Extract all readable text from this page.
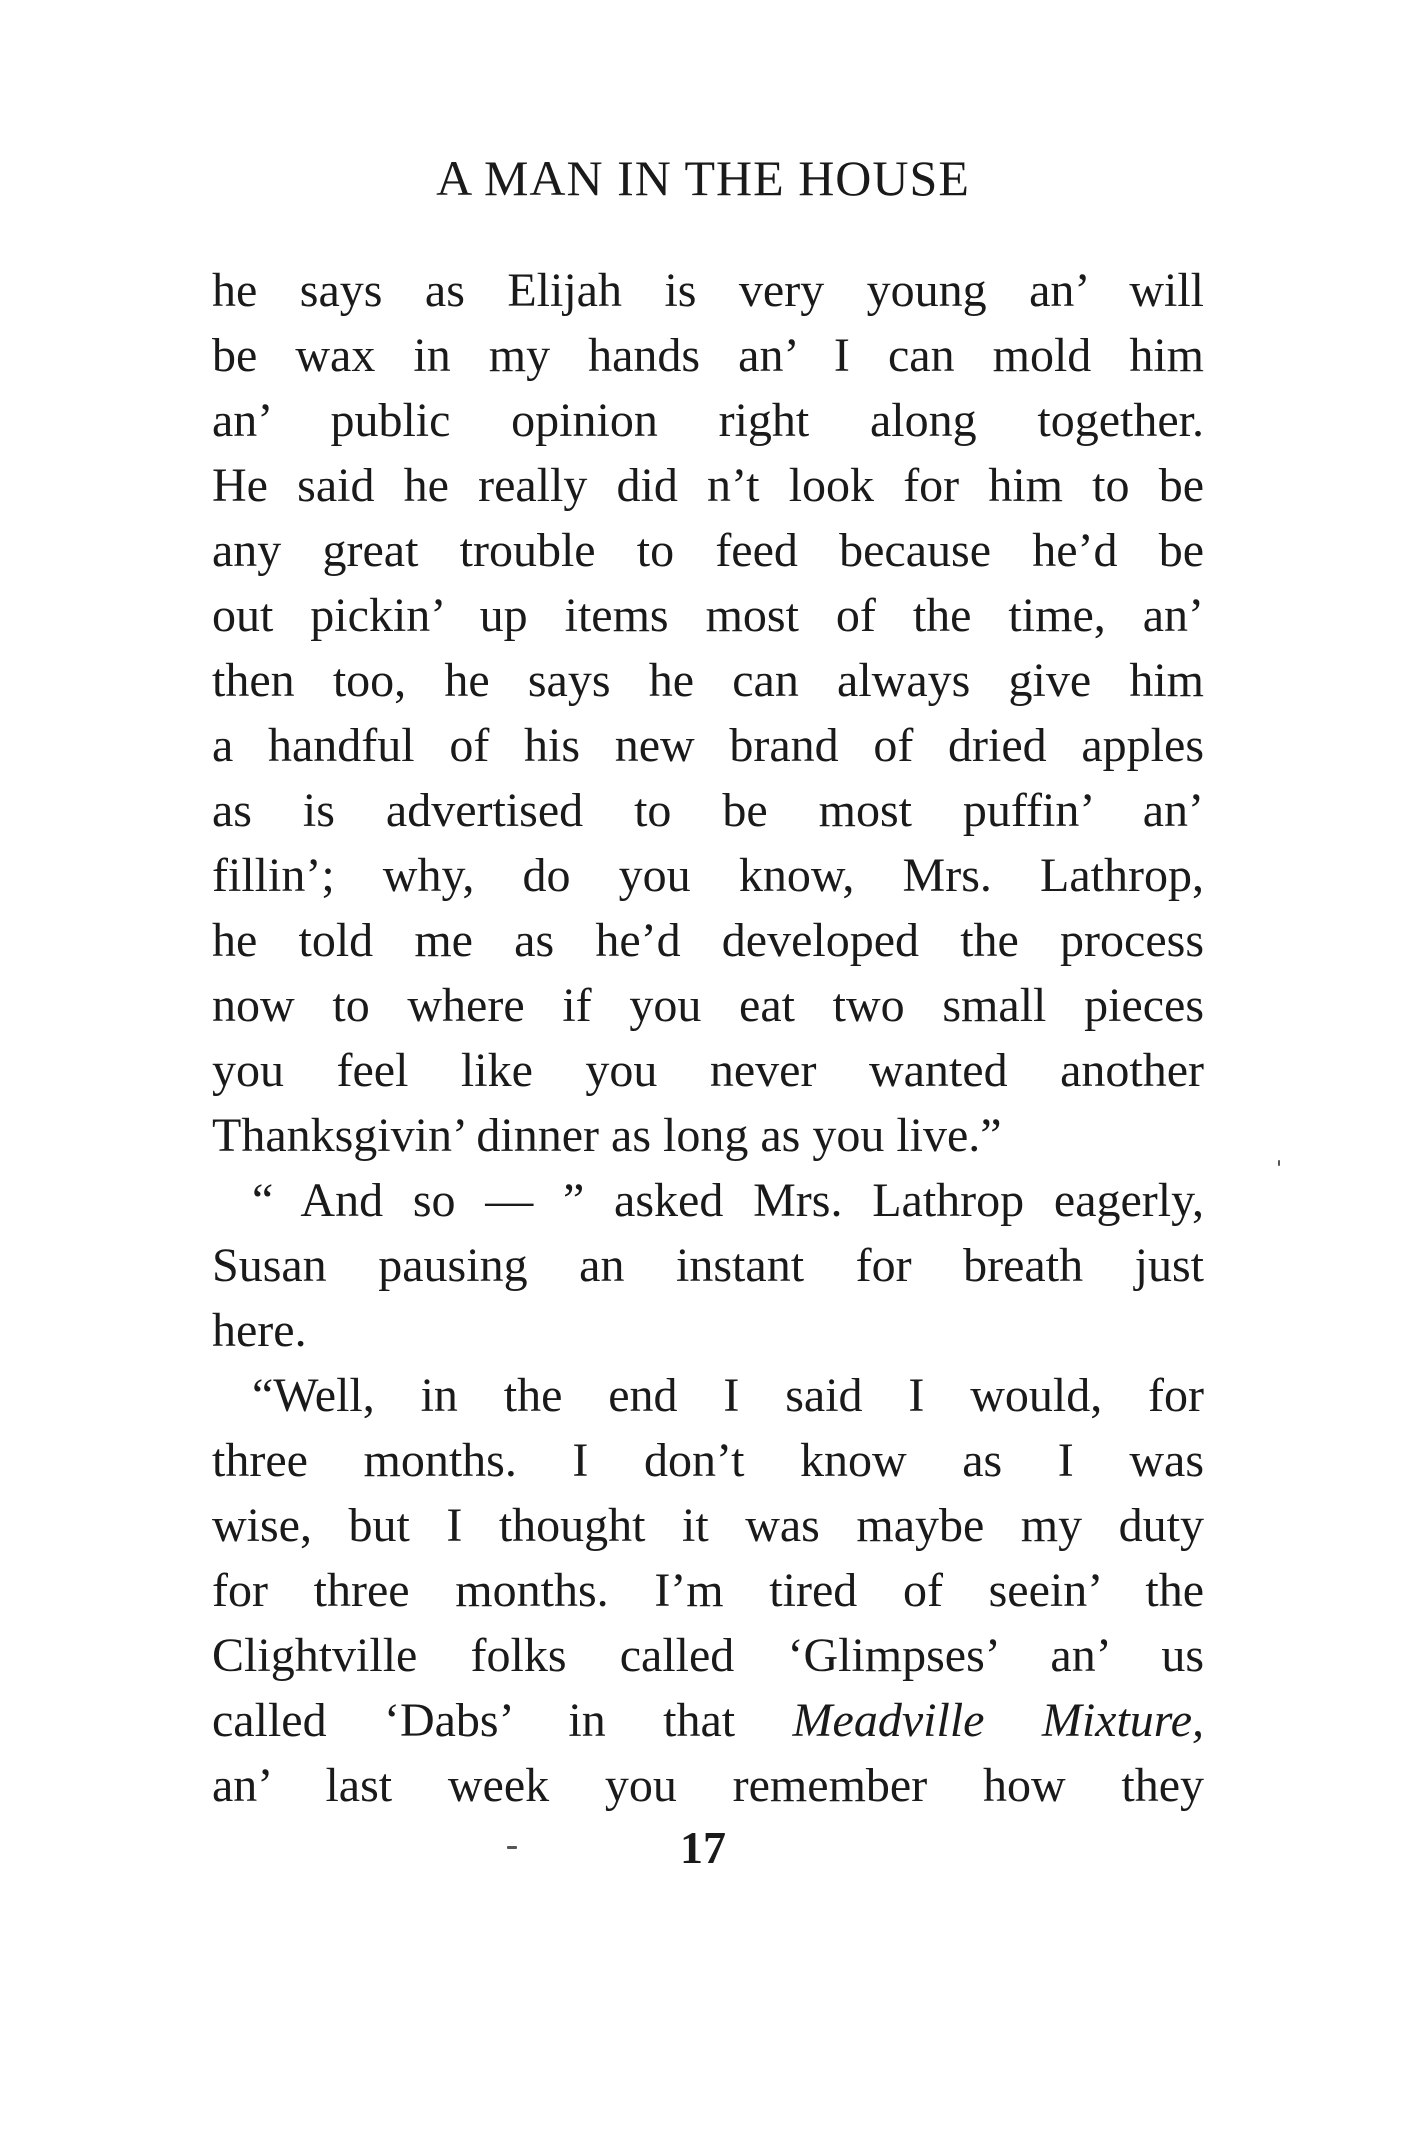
A MAN IN THE HOUSE
he says as Elijah is very young an’ will
be wax in my hands an’ I can mold him
an’ public opinion right along together.
He said he really did n’t look for him to be
any great trouble to feed because he’d be
out pickin’ up items most of the time, an’
then too, he says he can always give him
a handful of his new brand of dried apples
as is advertised to be most puffin’ an’
fillin’; why, do you know, Mrs. Lathrop,
he told me as he’d developed the process
now to where if you eat two small pieces
you feel like you never wanted another
Thanksgivin’ dinner as long as you live.”
“ And so — ” asked Mrs. Lathrop eagerly,
Susan pausing an instant for breath just
here.
“Well, in the end I said I would, for
three months. I don’t know as I was
wise, but I thought it was maybe my duty
for three months. I’m tired of seein’ the
Clightville folks called ‘Glimpses’ an’ us
called ‘Dabs’ in that Meadville Mixture,
an’ last week you remember how they
17
